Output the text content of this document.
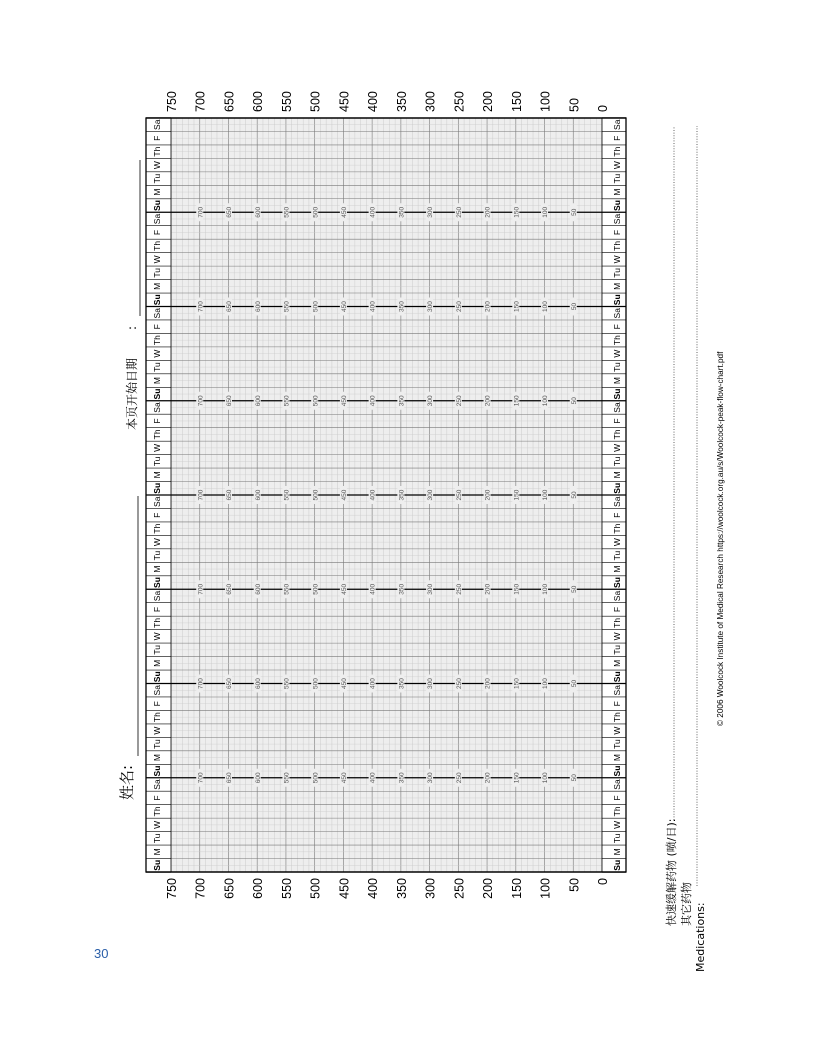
姓名:
本页开始日期
:
750 700 650 600 550 500 450 400 350 300 250 200 150 100 50 0
750 700 650 600 550 500 450 400 350 300 250 200 150 100 50 0
700	650	600	550	500	450	400	350	300	250	200	150	100	50
700	650	600	550	500	450	400	350	300	250	200	150	100	50
700	650	600	550	500	450	400	350	300	250	200	150	100	50
700	650	600	550	500	450	400	350	300	250	200	150	100	50
700	650	600	550	500	450	400	350	300	250	200	150	100	50
700	650	600	550	500	450	400	350	300	250	200	150	100	50
700	650	600	550	500	450	400	350	300	250	200	150	100	50
Su
M
Tu
W
Th
F
Sa
Su
M
Tu
W
Th
F
Sa
Su
M
Tu
W
Th
F
Sa
Su
M
Tu
W
Th
F
Sa
Su
M
Tu
W
Th
F
Sa
Su
M
Tu
W
Th
F
Sa
Su
M
Tu
W
Th
F
Sa
Su
M
Tu
W
Th
F
Sa
Su
M
Tu
W
Th
F
Sa
Su
M
Tu
W
Th
F
Sa
Su
M
Tu
W
Th
F
Sa
Su
M
Tu
W
Th
F
Sa
Su
M
Tu
W
Th
F
Sa
Su
M
Tu
W
Th
F
Sa
Su
M
Tu
W
Th
F
Sa
Su
M
Tu
W
Th
F
Sa
快速缓解药物 (喷/日): 其它药物 Medications:
© 2006 Woolcock Institute of Medical Research https://woolcock.org.au/s/Woolcock-peak-flow-chart.pdf
30
